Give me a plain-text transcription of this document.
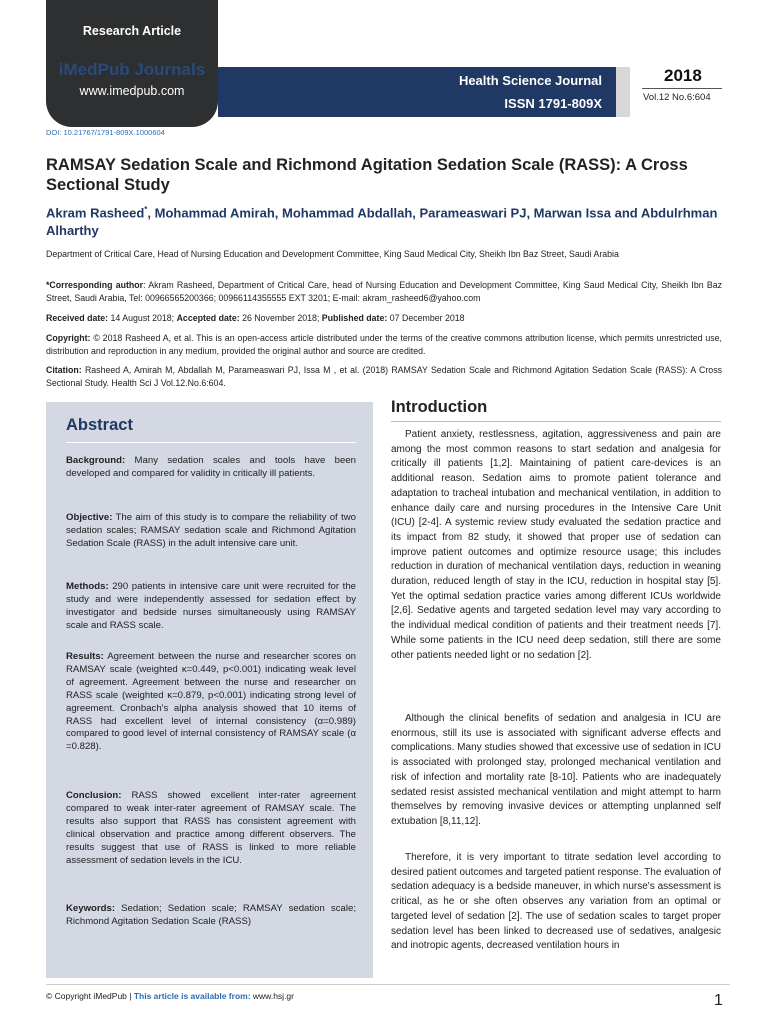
Research Article
iMedPub Journals
www.imedpub.com
Health Science Journal
ISSN 1791-809X
2018
Vol.12 No.6:604
DOI: 10.21767/1791-809X.1000604
RAMSAY Sedation Scale and Richmond Agitation Sedation Scale (RASS): A Cross Sectional Study
Akram Rasheed*, Mohammad Amirah, Mohammad Abdallah, Parameaswari PJ, Marwan Issa and Abdulrhman Alharthy
Department of Critical Care, Head of Nursing Education and Development Committee, King Saud Medical City, Sheikh Ibn Baz Street, Saudi Arabia
*Corresponding author: Akram Rasheed, Department of Critical Care, head of Nursing Education and Development Committee, King Saud Medical City, Sheikh Ibn Baz Street, Saudi Arabia, Tel: 00966565200366; 00966114355555 EXT 3201; E-mail: akram_rasheed6@yahoo.com
Received date: 14 August 2018; Accepted date: 26 November 2018; Published date: 07 December 2018
Copyright: © 2018 Rasheed A, et al. This is an open-access article distributed under the terms of the creative commons attribution license, which permits unrestricted use, distribution and reproduction in any medium, provided the original author and source are credited.
Citation: Rasheed A, Amirah M, Abdallah M, Parameaswari PJ, Issa M , et al. (2018) RAMSAY Sedation Scale and Richmond Agitation Sedation Scale (RASS): A Cross Sectional Study. Health Sci J Vol.12.No.6:604.
Abstract
Background: Many sedation scales and tools have been developed and compared for validity in critically ill patients.
Objective: The aim of this study is to compare the reliability of two sedation scales; RAMSAY sedation scale and Richmond Agitation Sedation Scale (RASS) in the adult intensive care unit.
Methods: 290 patients in intensive care unit were recruited for the study and were independently assessed for sedation effect by investigator and bedside nurses simultaneously using RAMSAY scale and RASS scale.
Results: Agreement between the nurse and researcher scores on RAMSAY scale (weighted κ=0.449, p<0.001) indicating weak level of agreement. Agreement between the nurse and researcher on RASS scale (weighted κ=0.879, p<0.001) indicating strong level of agreement. Cronbach's alpha analysis showed that 10 items of RASS had excellent level of internal consistency (α=0.989) compared to good level of internal consistency of RAMSAY scale (α =0.828).
Conclusion: RASS showed excellent inter-rater agreement compared to weak inter-rater agreement of RAMSAY scale. The results also support that RASS has consistent agreement with clinical observation and practice among different observers. The results suggest that use of RASS is linked to more reliable assessment of sedation levels in the ICU.
Keywords: Sedation; Sedation scale; RAMSAY sedation scale; Richmond Agitation Sedation Scale (RASS)
Introduction
Patient anxiety, restlessness, agitation, aggressiveness and pain are among the most common reasons to start sedation and analgesia for critically ill patients [1,2]. Maintaining of patient care-devices is an additional reason. Sedation aims to promote patient tolerance and adaptation to tracheal intubation and mechanical ventilation, in addition to enhance daily care and nursing procedures in the Intensive Care Unit (ICU) [2-4]. A systemic review study evaluated the sedation practice and its impact from 82 study, it showed that proper use of sedation can improve patient outcomes and optimize resource usage; this includes reduction in duration of mechanical ventilation days, reduction in weaning duration, reduced length of stay in the ICU, reduction in hospital stay [5]. Yet the optimal sedation practice varies among different ICUs worldwide [2,6]. Sedative agents and targeted sedation level may vary according to the individual medical condition of patients and their treatment needs [7]. While some patients in the ICU need deep sedation, still there are some other patients needed light or no sedation [2].
Although the clinical benefits of sedation and analgesia in ICU are enormous, still its use is associated with significant adverse effects and complications. Many studies showed that excessive use of sedation in ICU is associated with prolonged stay, prolonged mechanical ventilation and risk of infection and mortality rate [8-10]. Patients who are inadequately sedated resist assisted mechanical ventilation and might attempt to harm themselves by removing invasive devices or attempting unplanned self extubation [8,11,12].
Therefore, it is very important to titrate sedation level according to desired patient outcomes and targeted patient response. The evaluation of sedation adequacy is a bedside maneuver, in which nurse's assessment is critical, as he or she often observes any variation from an optimal or targeted level of sedation [2]. The use of sedation scales to target proper sedation level has been linked to decreased use of sedatives, analgesic and inotropic agents, decreased ventilation hours in
© Copyright iMedPub | This article is available from: www.hsj.gr	1
